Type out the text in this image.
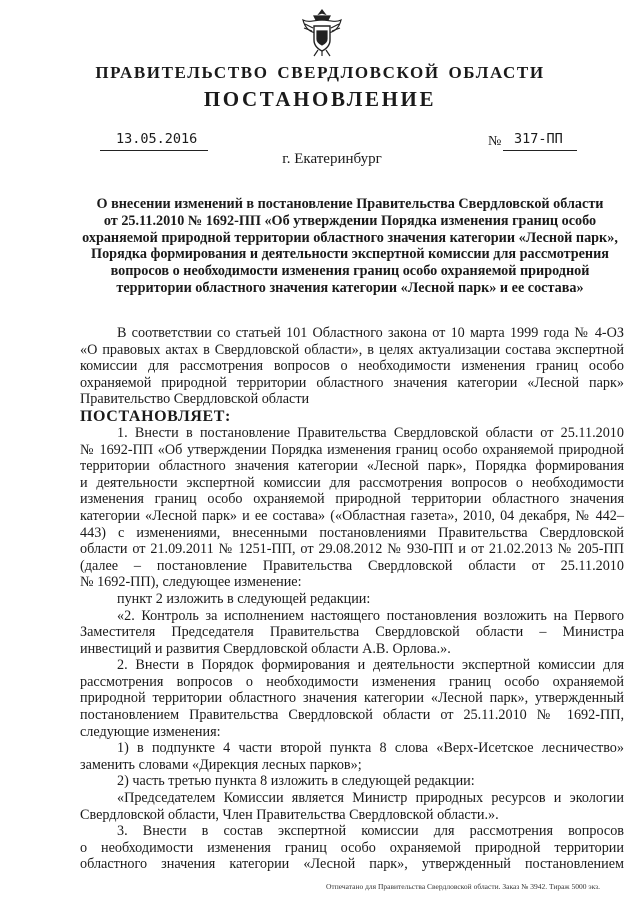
ПРАВИТЕЛЬСТВО СВЕРДЛОВСКОЙ ОБЛАСТИ
ПОСТАНОВЛЕНИЕ
13.05.2016	№ 317-ПП
г. Екатеринбург
О внесении изменений в постановление Правительства Свердловской области
от 25.11.2010 № 1692-ПП «Об утверждении Порядка изменения границ особо
охраняемой природной территории областного значения категории «Лесной парк»,
Порядка формирования и деятельности экспертной комиссии для рассмотрения
вопросов о необходимости изменения границ особо охраняемой природной
территории областного значения категории «Лесной парк» и ее состава»
В соответствии со статьей 101 Областного закона от 10 марта 1999 года № 4-ОЗ
«О правовых актах в Свердловской области», в целях актуализации состава экспертной
комиссии для рассмотрения вопросов о необходимости изменения границ особо
охраняемой природной территории областного значения категории «Лесной парк»
Правительство Свердловской области
ПОСТАНОВЛЯЕТ:
1. Внести в постановление Правительства Свердловской области от 25.11.2010
№ 1692-ПП «Об утверждении Порядка изменения границ особо охраняемой природной
территории областного значения категории «Лесной парк», Порядка формирования
и деятельности экспертной комиссии для рассмотрения вопросов о необходимости
изменения границ особо охраняемой природной территории областного значения
категории «Лесной парк» и ее состава» («Областная газета», 2010, 04 декабря, № 442–
443) с изменениями, внесенными постановлениями Правительства Свердловской
области от 21.09.2011 № 1251-ПП, от 29.08.2012 № 930-ПП и от 21.02.2013 № 205-ПП
(далее – постановление Правительства Свердловской области от 25.11.2010
№ 1692-ПП), следующее изменение:
пункт 2 изложить в следующей редакции:
«2. Контроль за исполнением настоящего постановления возложить на Первого
Заместителя Председателя Правительства Свердловской области – Министра
инвестиций и развития Свердловской области А.В. Орлова.».
2. Внести в Порядок формирования и деятельности экспертной комиссии для
рассмотрения вопросов о необходимости изменения границ особо охраняемой
природной территории областного значения категории «Лесной парк», утвержденный
постановлением Правительства Свердловской области от 25.11.2010 № 1692-ПП,
следующие изменения:
1) в подпункте 4 части второй пункта 8 слова «Верх-Исетское лесничество»
заменить словами «Дирекция лесных парков»;
2) часть третью пункта 8 изложить в следующей редакции:
«Председателем Комиссии является Министр природных ресурсов и экологии
Свердловской области, Член Правительства Свердловской области.».
3. Внести в состав экспертной комиссии для рассмотрения вопросов
о необходимости изменения границ особо охраняемой природной территории
областного значения категории «Лесной парк», утвержденный постановлением
Отпечатано для Правительства Свердловской области. Заказ № 3942. Тираж 5000 экз.
